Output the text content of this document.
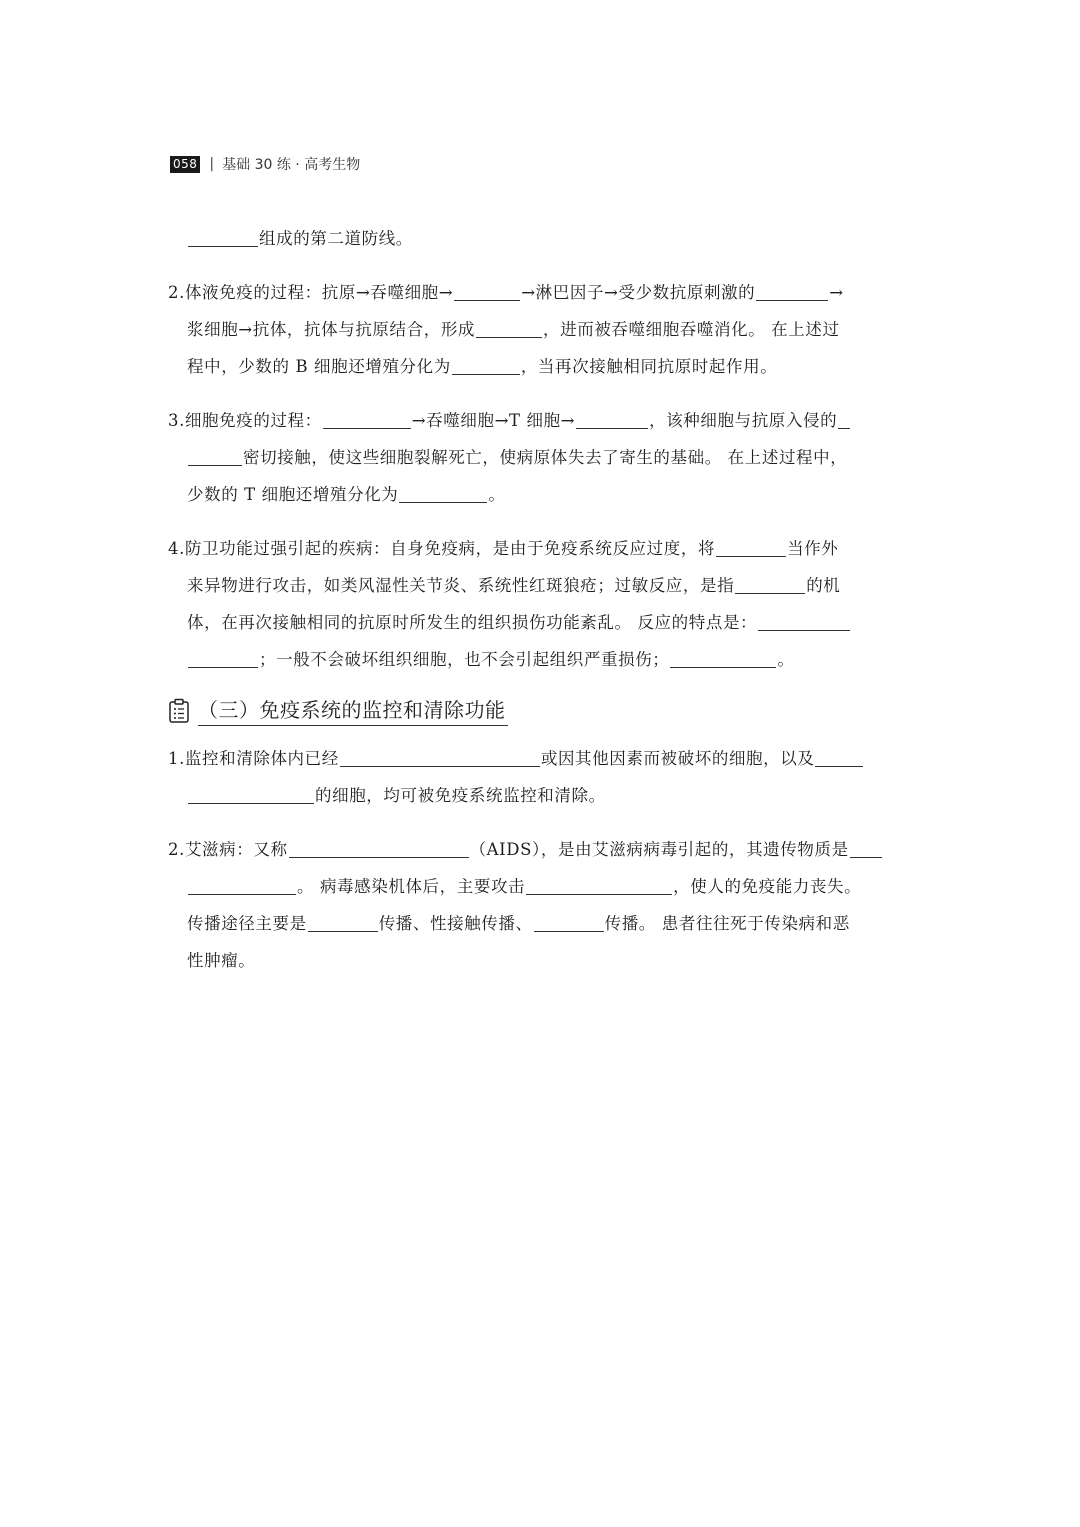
058 | 基础 30 练 · 高考生物
组成的第二道防线。
2.体液免疫的过程：抗原→吞噬细胞→	→淋巴因子→受少数抗原刺激的	→
浆细胞→抗体，抗体与抗原结合，形成	，进而被吞噬细胞吞噬消化。 在上述过
程中，少数的 B 细胞还增殖分化为	，当再次接触相同抗原时起作用。
3.细胞免疫的过程：	→吞噬细胞→T 细胞→	，该种细胞与抗原入侵的
密切接触，使这些细胞裂解死亡，使病原体失去了寄生的基础。 在上述过程中，
少数的 T 细胞还增殖分化为	。
4.防卫功能过强引起的疾病：自身免疫病，是由于免疫系统反应过度，将	当作外
来异物进行攻击，如类风湿性关节炎、系统性红斑狼疮；过敏反应，是指	的机
体，在再次接触相同的抗原时所发生的组织损伤功能紊乱。 反应的特点是：
；一般不会破坏组织细胞，也不会引起组织严重损伤；	。
（三）免疫系统的监控和清除功能
1.监控和清除体内已经	或因其他因素而被破坏的细胞，以及
的细胞，均可被免疫系统监控和清除。
2.艾滋病：又称	（AIDS），是由艾滋病病毒引起的，其遗传物质是
。 病毒感染机体后，主要攻击	，使人的免疫能力丧失。
传播途径主要是	传播、性接触传播、	传播。 患者往往死于传染病和恶
性肿瘤。
